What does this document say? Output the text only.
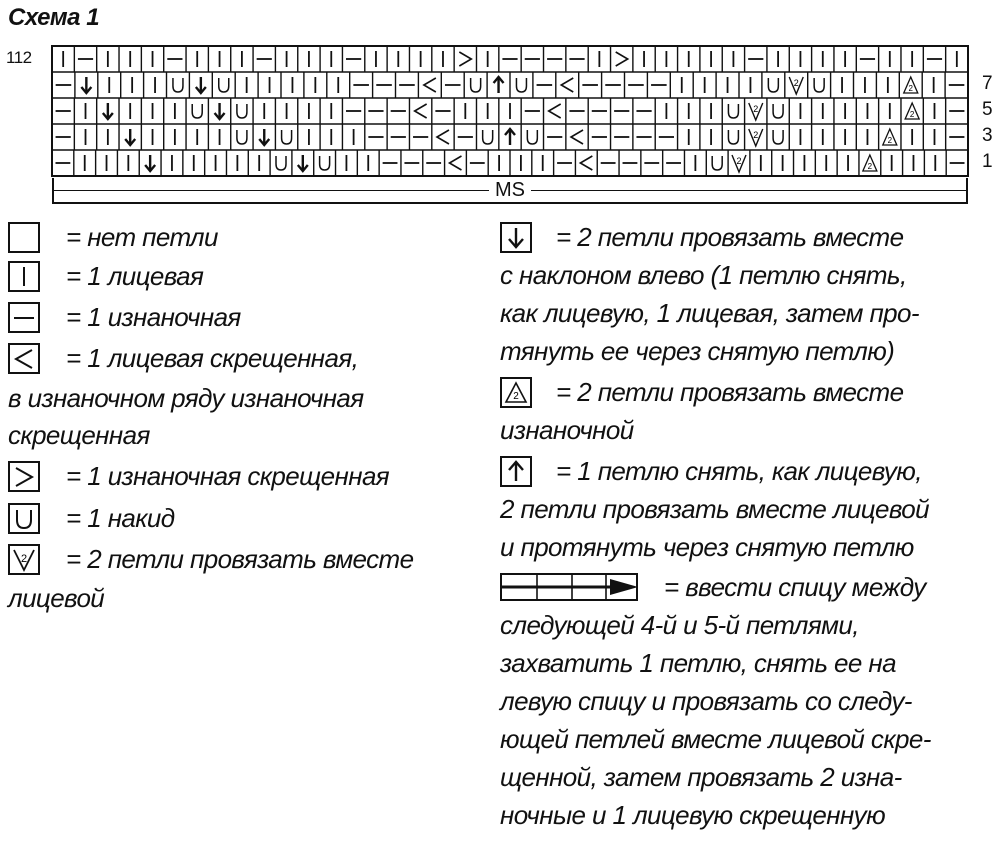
Схема 1
112
2
2
2
2
2
2
2
2
7
5
3
1
MS
2
2
= нет петли
= 1 лицевая
= 1 изнаночная
= 1 лицевая скрещенная,
в изнаночном ряду изнаночная
скрещенная
= 1 изнаночная скрещенная
= 1 накид
= 2 петли провязать вместе
лицевой
= 2 петли провязать вместе
с наклоном влево (1 петлю снять,
как лицевую, 1 лицевая, затем про-
тянуть ее через снятую петлю)
= 2 петли провязать вместе
изнаночной
= 1 петлю снять, как лицевую,
2 петли провязать вместе лицевой
и протянуть через снятую петлю
= ввести спицу между
следующей 4-й и 5-й петлями,
захватить 1 петлю, снять ее на
левую спицу и провязать со следу-
ющей петлей вместе лицевой скре-
щенной, затем провязать 2 изна-
ночные и 1 лицевую скрещенную
